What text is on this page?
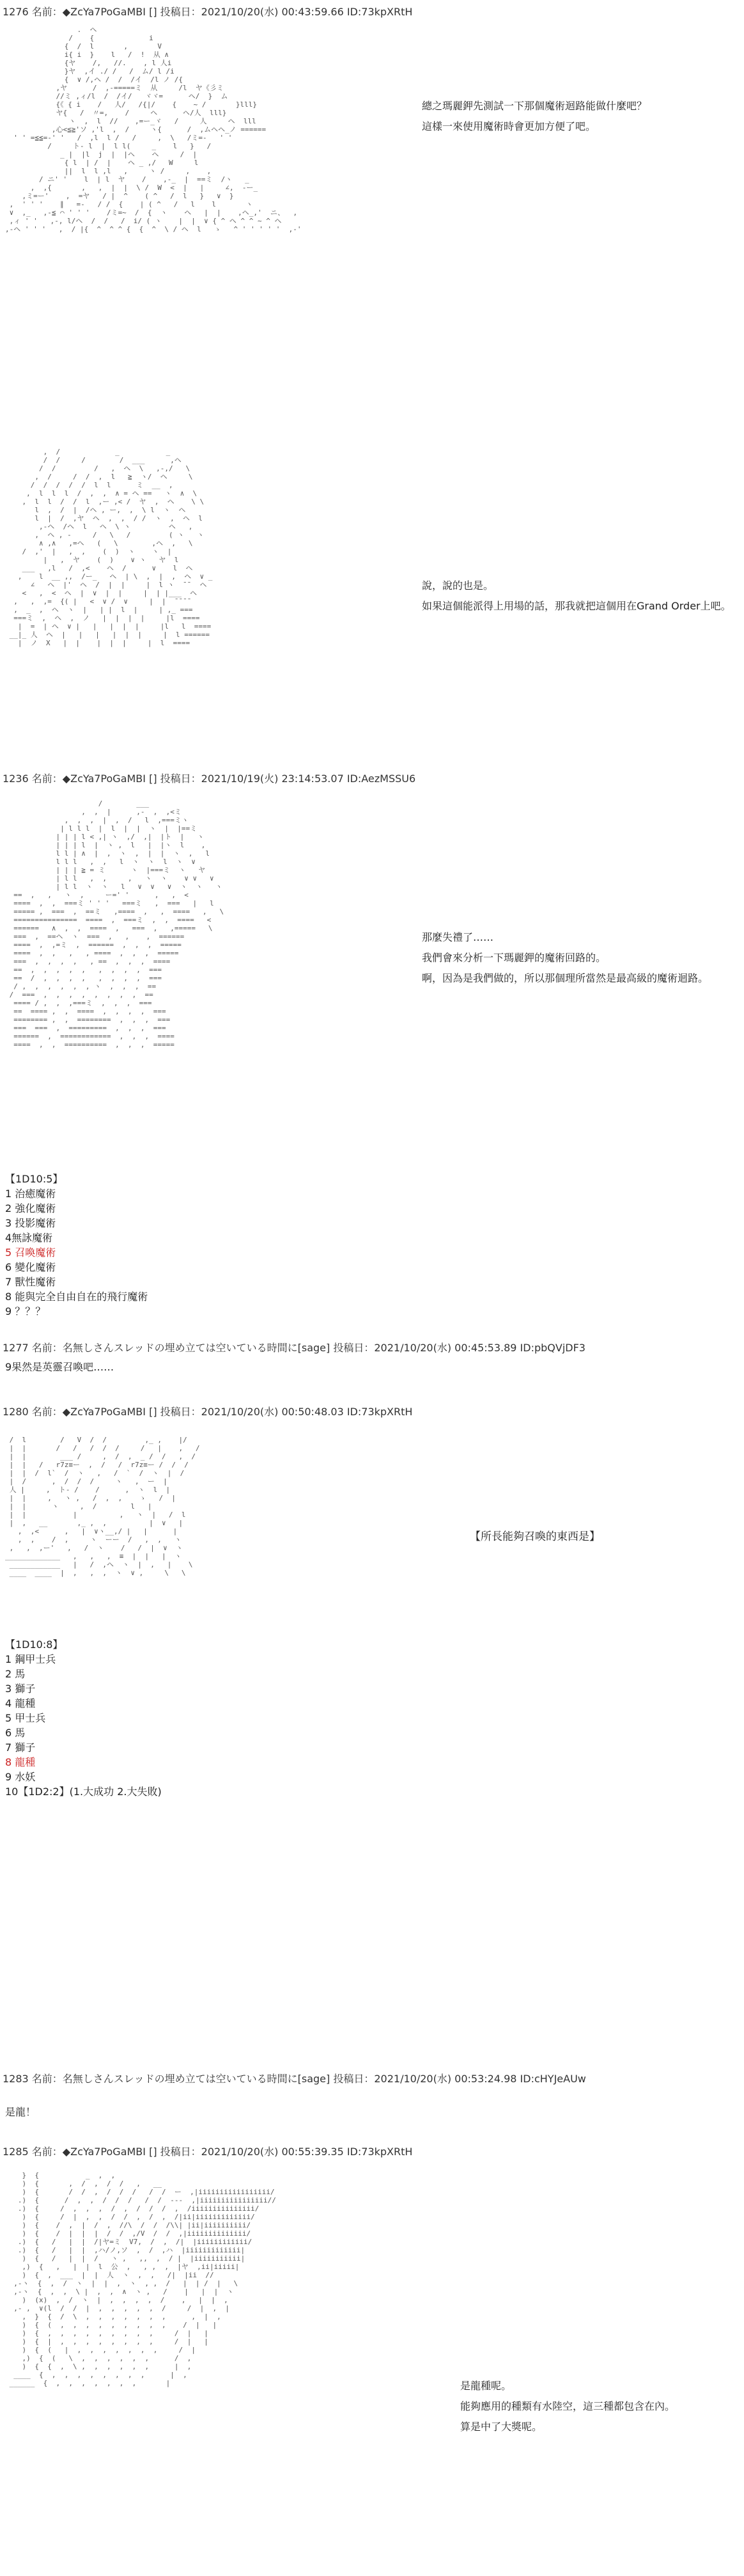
1276 名前：◆ZcYa7PoGaMBI [] 投稿日：2021/10/20(水) 00:43:59.66 ID:73kpXRtH
.  ヘ
/    {             i
{  /  l       ,       V
i{ i  }    l   /  !  从 ∧
{ヤ    /,   //.    , l 人i
}ヤ  ,イ ./ /   /  ム/ l /i
{  ∨ /,ヘ /  /  /イ  /l ノ /{
,ヤ      /  ,-=====ミ  从     /l  ヤ《彡ミ
//ミ ,ィ/l  /  /イ/   ヾヾ=      ヘ/  }  ム
{《 { i    /   人/   /{|/    {    ~ /       }lll}
ヤ{   /  〃=,    /     ヘ      ヘ/人  lll}
ヽ  ,  l  //    ,=ー_ヾ   /     人     ヘ  lll
,心<≦≧'ソ ,'l  ,  /     ヽ{      /  ,ムヘヘ_ノ ======
' ' =≦≦=-' '   /  ,l  l /   /     ,  \   /ミ=-   ' '
/     ト- l  |  l l(     _    l   }   /
_ |  |l  j  |  |ヘ    ヘ     /  |
{ l  | /  |    ヘ _ ,/   W     l
||  l  l ,l   ,     ヽ /     ,    ,
/ ニ' '    l  | l  ヤ    /    ,-_  |  ==ミ  /ヽ   _
,  ,{       ,   ,  |  |  \ /  W  <  |   |     ∠,  -ー_
,ミ=ー'    ,  =ヤ   / |  ^    ( ^   /  l   }   ∨  }
,  ' ' '    ∥   =-   / /  {    | ( ^   /   l    l       ヽ
∨  ,_   ,-≦ ⌒ ' ' '    /ミ=~  /  {  ヽ    ヘ   |  |    ,ヘ_,'  ニ、  ,
,ィ ' '   ,-, l/ヘ  /  /   /  i/ ( ヽ    |  |  ∨ { ^ ヘ ^ ^ ~ ^ ヘ
,-ヘ ' ' '   ,  / |{  ^  ^ ^ {  {  ^  \ / ヘ  l   ゝ   ^ ' ' ' ' '  ,-'

總之瑪麗鉀先測試一下那個魔術迴路能做什麼吧？
這樣一來使用魔術時會更加方便了吧。
,  /             _           _
/  /     /        /  ___      ,ヘ
/  /         /   ,  ヘ  \   ,-,/   \
,  /     /  /  ,  l   ≧  ヽ/  ヘ     \
/  /  /  /  /  l  l      ミ  __  ,
,  l  l  l  /  ,  ,  ∧ = ヘ ==   ヽ  ∧  \
,  l  l  /  /  l  ,ー ,< /  ヤ  ,  ヘ    \ \
l  ,  /  |  /ヘ , ー,  ,  \ l  ヽ  ヘ
l  |  /  ,ヤ  ヘ  ,  ,  / /  ヽ  ,  ヘ  l
,-ヘ  /ヘ  l   ヘ  \ ヽ         ヘ   ,
,  ヘ , -     /   \   /         ( ヽ   ヽ
∧ ,∧   ,=ヘ   (   \        ,ヘ  ,   \
/  ,'  |   ,  ,    (  )  ヽ    ヽ  |
|   ,  ヤ    (  )    ∨ ヽ   ヤ  l
___   ,l   /  ,<    ヘ  /      ∨    l  ヘ
,    l  __ ,,  /ー_   ヘ  | \  ,  |  ,  ヘ  ∨ _
∠   ヘ  |'  ヘ  /  |  |     |  l ヽ  ̄ ̄   ヘ
<   ,  <  ヘ  |  ∨  |  |     |  | |___  ヘ
,   ,  ,=  {( |   <  ∨ /  ∨     |  |  ̄ ̄ ̄ ̄
,  _  ,  ヘ  ヽ  |   | |  l  |     | ,_ ===
===ミ  ,  ヘ  ,  ノ   |  |  |  |     |l  ====
|  =  | ヘ  ∨ |   |   |  |  |     |l   l  ====
__|_ 人  ヘ  |   |   |   |  |  |     |  l ======
|  ノ  X   |  |    |  |  |     |  l  ====

說，說的也是。
如果這個能派得上用場的話，那我就把這個用在Grand Order上吧。
1236 名前：◆ZcYa7PoGaMBI [] 投稿日：2021/10/19(火) 23:14:53.07 ID:AezMSSU6
/        ___
,  ,  |      ,-  ,  ,<ミ
,  ,  ,  |  ,  /   l  ,===ミヽ
| l l l  |  l  |  |  ヽ  |  |==ミ
| | | l < ,| ヽ  ,/  ,|  |ト  |   ヽ
| | | l  |  ヽ ,  l   |  |ヽ  l    ,
l l | ∧  |  ,  ヽ  ,  |  |  ヽ  ,   l
l l l   ,  ,   l  ヽ  ヽ  l  ヽ  ∨
| | | ≧ = ミ      ヽ  |===ミ  ヽ   ヤ
| l l   ,  ,     ,   ヽ  ヽ    ∨ ∨   ∨
| l l  ヽ  ヽ   l   ∨  ∨   ∨  ヽ  ヽ   ヽ
==  ,   ,   ヽ  ,     ー=' '      ,   ,  <
====  ,  ,  ===ミ ' ' '   ===ミ   ,  ===   |   l
===== ,  ===  ,  ==ミ   ,====  ,   ,  ====   ,   \
===============  ====  ,  ===ミ  ,  ,  ====   <
======   ∧  ,  ,  ====  ,   ===  ,   ,=====   \
===  ,  ==ヘ  ヽ  ===  ,   ,    ,  ======
====  ,  ,=ミ  ,  ======  ,  ,  ,  =====
====  ,  ,   ,   , ====  ,  ,  ,  =====
===  ,  ,  ,  ,   , ==  ,  ,  ,  ====
==  ,  ,  ,  ,  ,   ,  ,  ,  ,  ===
==  /  ,  ,  ,  ,   ,  ,  ,  ,  ===
/ ,  ,  ,  ,  ,  , ヽ  ,  ,  ,  ==
/  ===  ,  ,  ,  ,  ,  ,  ,  ,  ==
==== / ,  ,  ,===ミ  ,  ,  ,  ===
==  ==== ,  ,  ====  ,  ,  ,  ,  ===
======== ,  ,  ========  ,  ,  ,  ===
===  ===  ,  =========  ,  ,  ,  ===
======  ,  ============  ,  ,  ,  ====
====  ,  ,  ==========  ,  ,  ,  =====

那麼失禮了……
我們會來分析一下瑪麗鉀的魔術回路的。
啊，因為是我們做的，所以那個理所當然是最高級的魔術迴路。
【1D10:5】
1 治癒魔術
2 強化魔術
3 投影魔術
4無詠魔術
5 召喚魔術
6 變化魔術
7 獸性魔術
8 能與完全自由自在的飛行魔術
9 ？？？
1277 名前：名無しさんスレッドの埋め立ては空いている時間に[sage] 投稿日：2021/10/20(水) 00:45:53.89 ID:pbQVjDF3
9果然是英靈召喚吧……
1280 名前：◆ZcYa7PoGaMBI [] 投稿日：2021/10/20(水) 00:50:48.03 ID:73kpXRtH
/  l        /   V  /  /         ,_ ,    |/
|  |       /   /   /  /  /     /   |    ,   /
|  |        ___ /     ,  /  ,  _ /  /   ,  /
|  |   /   r7z≡ー  ,  /   /  r7z≡ー /  /  /
|  |  /  l`  /  ヽ   ,   /  `  /  ヽ  |  /
|  /      ,  /  /  /     ヽ   ,  ー  |
人 |     ,  ト- /    /      ,  ヽ  l  |
|  |     ,   ヽ ,   /  ,  ,    ゝ   /  |
|  |      ヽ     ,  /        l   |
|  |           |          ,   ヽ  |   /  l
|  ,   __       ,_ ,  ,          |  ∨   |
,  ,<      ,   |  ∨ヽ__,/ |   |      |
,  ,    /  ,     ヽ  ーー  /   ,  ,   ヽ
,   ,  ,ー'   ,   /  ヽ    /   /  |  ∨  ヽ
_____________   ,   ,   ,  ≡  |  |   |  ヽ
____________   |   /  ,ヘ  ヽ  |  ,   |    \
____  ____  |  ,   ,  ,  ヽ  ∨ ,     \   \

【所長能夠召喚的東西是】
【1D10:8】
1 鋼甲士兵
2 馬
3 獅子
4 龍種
5 甲士兵
6 馬
7 獅子
8 龍種
9 水妖
10【1D2:2】(1.大成功 2.大失敗)
1283 名前：名無しさんスレッドの埋め立ては空いている時間に[sage] 投稿日：2021/10/20(水) 00:53:24.98 ID:cHYJeAUw
是龍！
1285 名前：◆ZcYa7PoGaMBI [] 投稿日：2021/10/20(水) 00:55:39.35 ID:73kpXRtH
}  {           _  ,  ,
)  {       ,  /  ,  /  /   ,   __
)  {       /  /  ,  /  /  /   /  /  ー  ,|iiiiiiiiiiiiiiiii/
.)  {      /  ,  ,  /  /  /   /  /  ---  ,|iiiiiiiiiiiiiiii//
.)  {     /  ,  ,  ,  /  ,  /  /  /  ,  /iiiiiiiiiiiiiii/
)  {     /  |  ,  ,  /  /  ,  /  ,  /|ii|iiiiiiiiiiiii/
)  {    /  ,  |  /  ,  //\  /  /  /\\| |ii|iiiiiiiiii/
)  {    /  |  |  |  /  /  ,/V  /  /  ,|iiiiiiiiiiiiii/
.)  {   /   |  |  /|ヤ=ミ  V7,  /  ,  /|  |iiiiiiiiiiii/
.)  {   /   |  |  ,ハ/ノ,ソ  ,  /  ,ハ  |iiiiiiiiiiiii|
)  {   /   |  |  /   ヽ ,   ,,  ,  / |  |iiiiiiiiiii|
,)  {   ,   |  |  l  公  ,   , ,  ,  |ヤ  ,ii|iiiii|
)  {  ,  ___  |  |  人  ヽ  ,  ,   /|  |ii  //
,-ヽ  {  ,  /  ヽ  |  |  ,  ヽ  , ,  /   |  | /  |   \
,-ヽ  {  ,  ,  \ |  ,  ,  ∧  ヽ ,   /    |   |  |  ヽ
)  (x)  ,  /  ヽ  |  ,  ,  ,  ,  /    ,   |  |  ,
,- ,  ∨(l  /  /  |  ,  ,  ,  ,  ,  /     /  |  ,  |
,  }  {  /  \  ,  ,  ,  ,  ,  ,  ,      ,  |  ,
)  {  (  ,  ,  ,  ,  ,  ,  ,  ,  ,    /  |   |
)  {  ,  ,  ,  ,  ,  ,  ,  ,  ,     /  |   |
)  {  |  ,  ,  ,  ,  ,  ,  ,  ,     /  |   |
)  {  (   |  ,  ,  ,  ,  ,  ,  ,     /  |
,)  {  (   \  ,  ,  ,  ,  ,  ,      /  ,
)  {  {  ,  \ ,  ,  ,  ,  ,  ,      |  ,
____  {  ,  ,  ,  ,  ,  ,  ,  ,      |  ,
______  {  ,  ,  ,  ,  ,  ,  ,       |	是龍種呢。
能夠應用的種類有水陸空，這三種都包含在內。
算是中了大獎呢。
